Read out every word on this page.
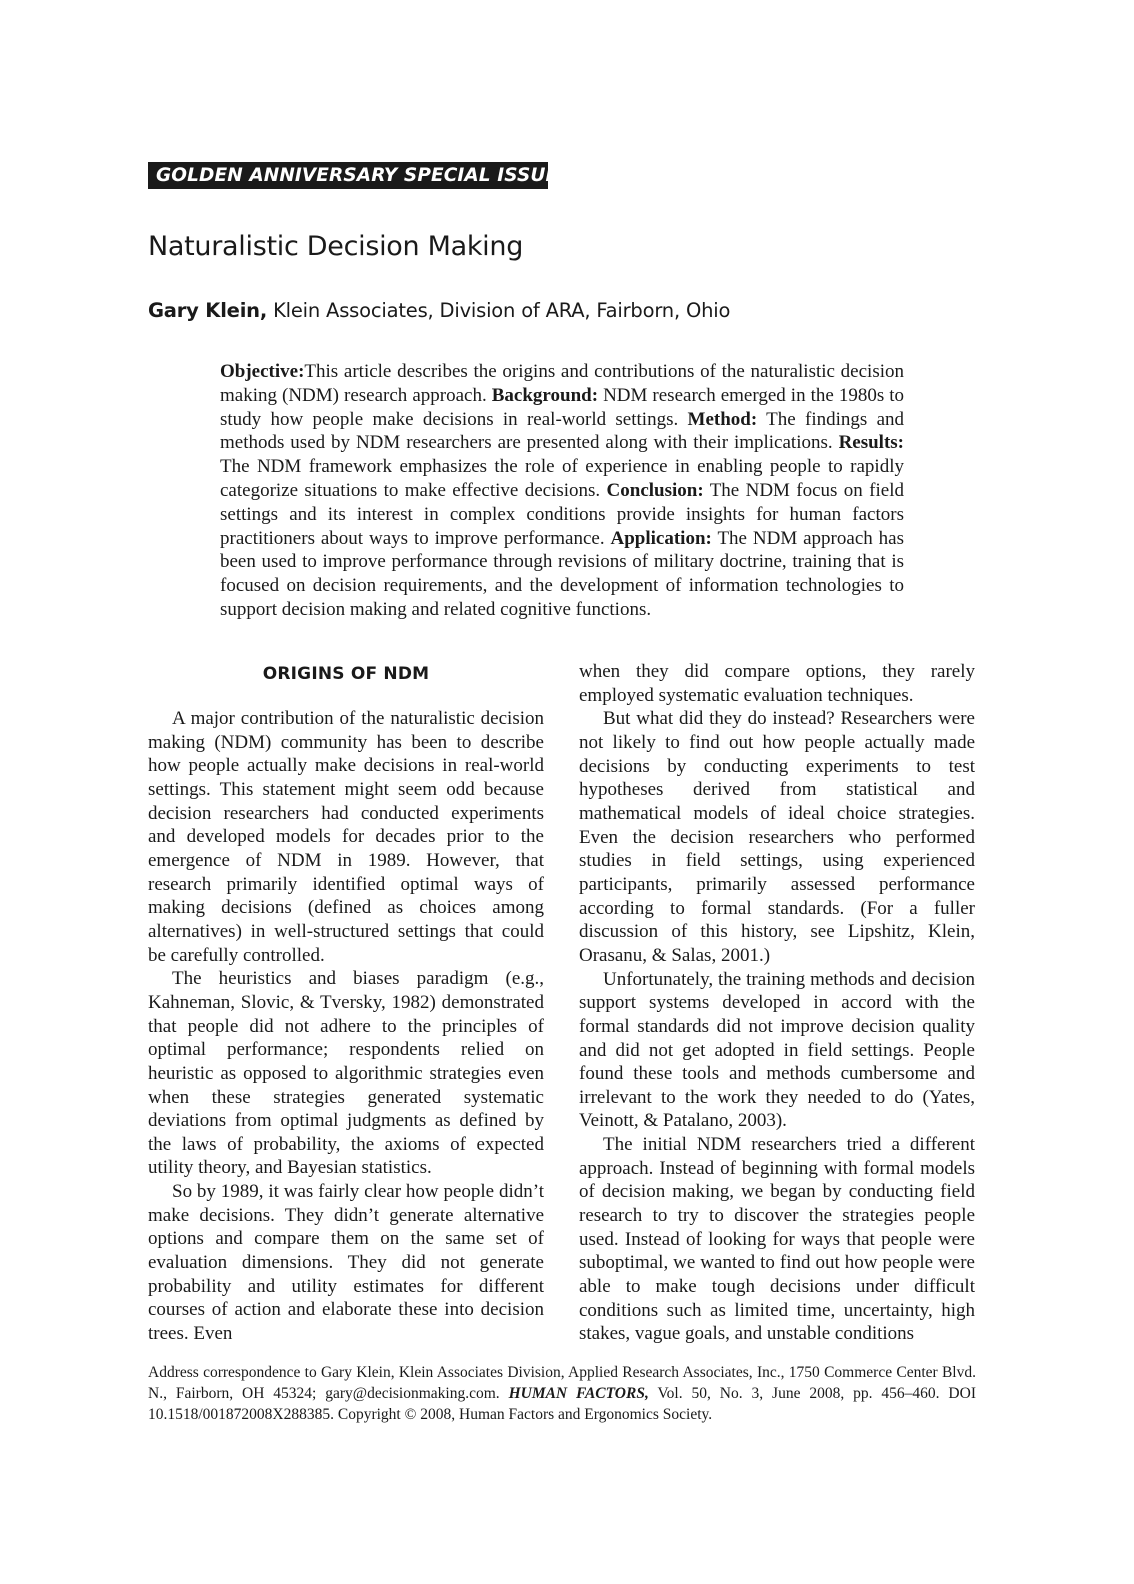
GOLDEN ANNIVERSARY SPECIAL ISSUE
Naturalistic Decision Making
Gary Klein, Klein Associates, Division of ARA, Fairborn, Ohio

Objective:This article describes the origins and contributions of the naturalistic decision making (NDM) research approach. Background: NDM research emerged in the 1980s to study how people make decisions in real-world settings. Method: The findings and methods used by NDM researchers are presented along with their implications. Results: The NDM framework emphasizes the role of experience in enabling people to rapidly categorize situations to make effective decisions. Conclusion: The NDM focus on field settings and its interest in complex conditions provide insights for human factors practitioners about ways to improve performance. Application: The NDM approach has been used to improve performance through revisions of military doctrine, training that is focused on decision requirements, and the development of information technologies to support decision making and related cognitive functions.

ORIGINS OF NDM

A major contribution of the naturalistic decision making (NDM) community has been to describe how people actually make decisions in real-world settings. This statement might seem odd because decision researchers had conducted experiments and developed models for decades prior to the emergence of NDM in 1989. However, that research primarily identified optimal ways of making decisions (defined as choices among alternatives) in well-structured settings that could be carefully controlled.

The heuristics and biases paradigm (e.g., Kahneman, Slovic, & Tversky, 1982) demonstrated that people did not adhere to the principles of optimal performance; respondents relied on heuristic as opposed to algorithmic strategies even when these strategies generated systematic deviations from optimal judgments as defined by the laws of probability, the axioms of expected utility theory, and Bayesian statistics.

So by 1989, it was fairly clear how people didn’t make decisions. They didn’t generate alternative options and compare them on the same set of evaluation dimensions. They did not generate probability and utility estimates for different courses of action and elaborate these into decision trees. Even

when they did compare options, they rarely employed systematic evaluation techniques.

But what did they do instead? Researchers were not likely to find out how people actually made decisions by conducting experiments to test hypotheses derived from statistical and mathematical models of ideal choice strategies. Even the decision researchers who performed studies in field settings, using experienced participants, primarily assessed performance according to formal standards. (For a fuller discussion of this history, see Lipshitz, Klein, Orasanu, & Salas, 2001.)

Unfortunately, the training methods and decision support systems developed in accord with the formal standards did not improve decision quality and did not get adopted in field settings. People found these tools and methods cumbersome and irrelevant to the work they needed to do (Yates, Veinott, & Patalano, 2003).

The initial NDM researchers tried a different approach. Instead of beginning with formal models of decision making, we began by conducting field research to try to discover the strategies people used. Instead of looking for ways that people were suboptimal, we wanted to find out how people were able to make tough decisions under difficult conditions such as limited time, uncertainty, high stakes, vague goals, and unstable conditions

Address correspondence to Gary Klein, Klein Associates Division, Applied Research Associates, Inc., 1750 Commerce Center Blvd. N., Fairborn, OH 45324; gary@decisionmaking.com. HUMAN FACTORS, Vol. 50, No. 3, June 2008, pp. 456–460. DOI 10.1518/001872008X288385. Copyright © 2008, Human Factors and Ergonomics Society.
